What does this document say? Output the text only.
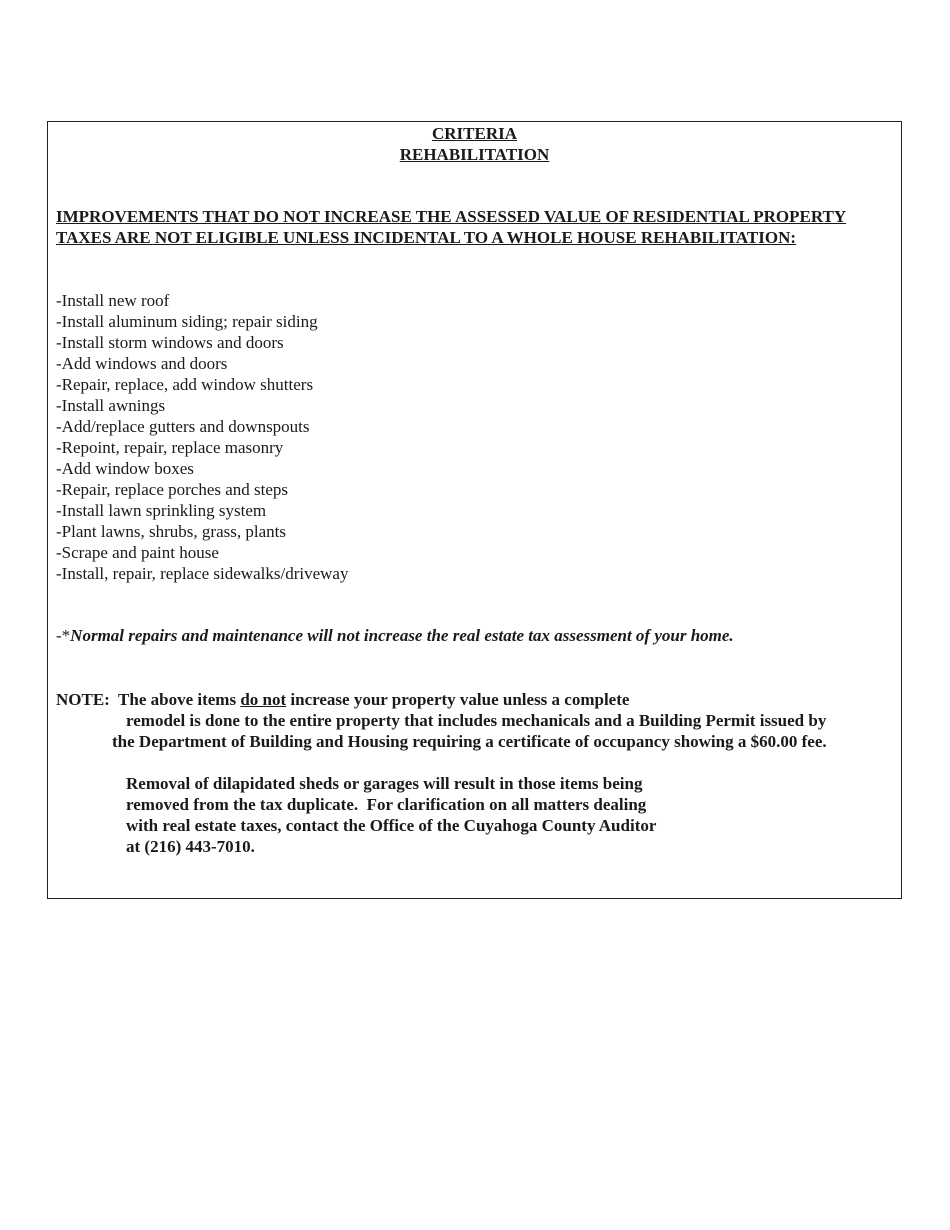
CRITERIA
REHABILITATION
IMPROVEMENTS THAT DO NOT INCREASE THE ASSESSED VALUE OF RESIDENTIAL PROPERTY TAXES ARE NOT ELIGIBLE UNLESS INCIDENTAL TO A WHOLE HOUSE REHABILITATION:
-Install new roof
-Install aluminum siding; repair siding
-Install storm windows and doors
-Add windows and doors
-Repair, replace, add window shutters
-Install awnings
-Add/replace gutters and downspouts
-Repoint, repair, replace masonry
-Add window boxes
-Repair, replace porches and steps
-Install lawn sprinkling system
-Plant lawns, shrubs, grass, plants
-Scrape and paint house
-Install, repair, replace sidewalks/driveway
-*Normal repairs and maintenance will not increase the real estate tax assessment of your home.
NOTE:  The above items do not increase your property value unless a complete
remodel is done to the entire property that includes mechanicals and a Building Permit issued by
the Department of Building and Housing requiring a certificate of occupancy showing a $60.00 fee.
Removal of dilapidated sheds or garages will result in those items being
removed from the tax duplicate.  For clarification on all matters dealing
with real estate taxes, contact the Office of the Cuyahoga County Auditor
at (216) 443-7010.
